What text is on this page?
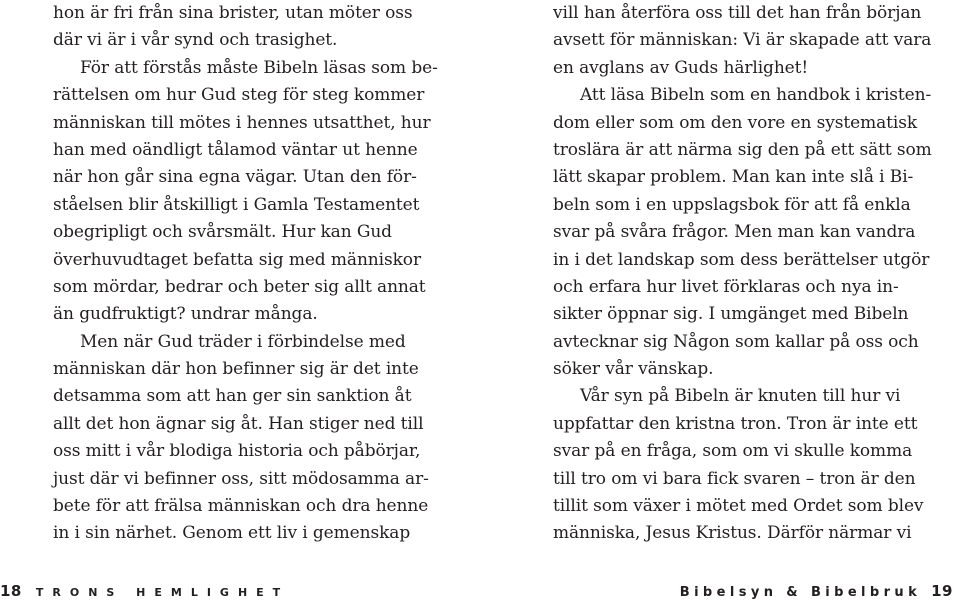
hon är fri från sina brister, utan möter oss
där vi är i vår synd och trasighet.
För att förstås måste Bibeln läsas som be-
rättelsen om hur Gud steg för steg kommer
människan till mötes i hennes utsatthet, hur
han med oändligt tålamod väntar ut henne
när hon går sina egna vägar. Utan den för-
ståelsen blir åtskilligt i Gamla Testamentet
obegripligt och svårsmält. Hur kan Gud
överhuvudtaget befatta sig med människor
som mördar, bedrar och beter sig allt annat
än gudfruktigt? undrar många.
Men när Gud träder i förbindelse med
människan där hon befinner sig är det inte
detsamma som att han ger sin sanktion åt
allt det hon ägnar sig åt. Han stiger ned till
oss mitt i vår blodiga historia och påbörjar,
just där vi befinner oss, sitt mödosamma ar-
bete för att frälsa människan och dra henne
in i sin närhet. Genom ett liv i gemenskap
18 TRONS HEMLIGHET
vill han återföra oss till det han från början
avsett för människan: Vi är skapade att vara
en avglans av Guds härlighet!
Att läsa Bibeln som en handbok i kristen-
dom eller som om den vore en systematisk
troslära är att närma sig den på ett sätt som
lätt skapar problem. Man kan inte slå i Bi-
beln som i en uppslagsbok för att få enkla
svar på svåra frågor. Men man kan vandra
in i det landskap som dess berättelser utgör
och erfara hur livet förklaras och nya in-
sikter öppnar sig. I umgänget med Bibeln
avtecknar sig Någon som kallar på oss och
söker vår vänskap.
Vår syn på Bibeln är knuten till hur vi
uppfattar den kristna tron. Tron är inte ett
svar på en fråga, som om vi skulle komma
till tro om vi bara fick svaren – tron är den
tillit som växer i mötet med Ordet som blev
människa, Jesus Kristus. Därför närmar vi
Bibelsyn & Bibelbruk 19
